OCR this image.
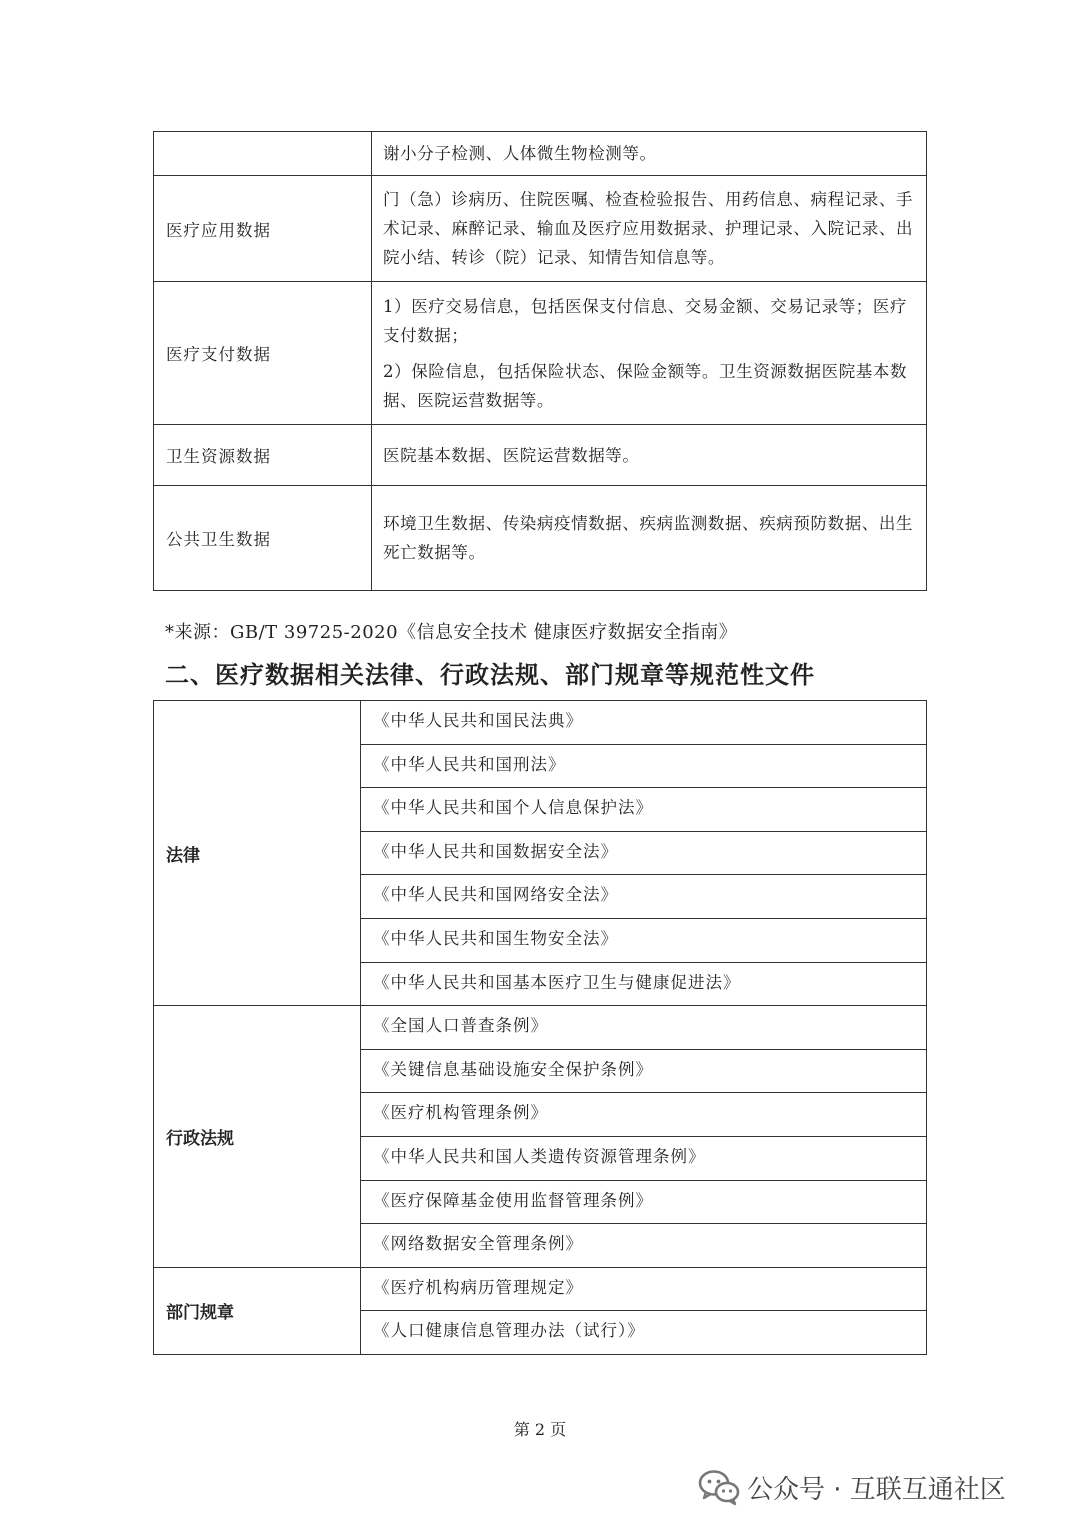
	谢小分子检测、人体微生物检测等。

医疗应用数据	门（急）诊病历、住院医嘱、检查检验报告、用药信息、病程记录、手术记录、麻醉记录、输血及医疗应用数据录、护理记录、入院记录、出院小结、转诊（院）记录、知情告知信息等。

医疗支付数据	1）医疗交易信息，包括医保支付信息、交易金额、交易记录等；医疗支付数据；

2）保险信息，包括保险状态、保险金额等。卫生资源数据医院基本数据、医院运营数据等。

卫生资源数据	医院基本数据、医院运营数据等。

公共卫生数据	环境卫生数据、传染病疫情数据、疾病监测数据、疾病预防数据、出生死亡数据等。

*来源：GB/T 39725-2020《信息安全技术 健康医疗数据安全指南》
二、医疗数据相关法律、行政法规、部门规章等规范性文件
法律	《中华人民共和国民法典》

	《中华人民共和国刑法》

	《中华人民共和国个人信息保护法》

	《中华人民共和国数据安全法》

	《中华人民共和国网络安全法》

	《中华人民共和国生物安全法》

	《中华人民共和国基本医疗卫生与健康促进法》

行政法规	《全国人口普查条例》

	《关键信息基础设施安全保护条例》

	《医疗机构管理条例》

	《中华人民共和国人类遗传资源管理条例》

	《医疗保障基金使用监督管理条例》

	《网络数据安全管理条例》

部门规章	《医疗机构病历管理规定》

	《人口健康信息管理办法（试行）》
第 2 页
公众号 · 互联互通社区
